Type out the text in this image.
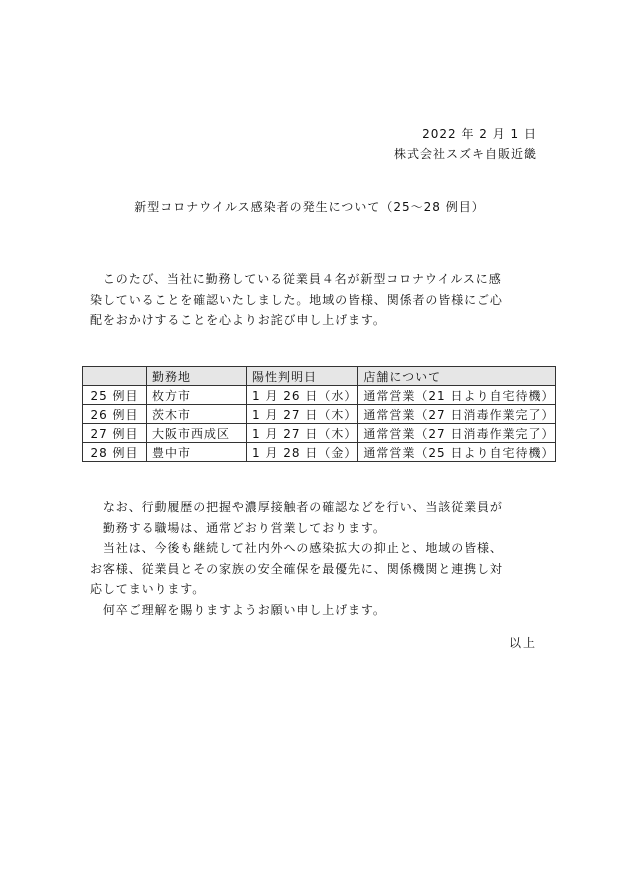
2022 年 2 月 1 日
株式会社スズキ自販近畿
新型コロナウイルス感染者の発生について（25～28 例目）
　このたび、当社に勤務している従業員４名が新型コロナウイルスに感
染していることを確認いたしました。地域の皆様、関係者の皆様にご心
配をおかけすることを心よりお詫び申し上げます。
	勤務地	陽性判明日	店舗について
25 例目	枚方市	1 月 26 日（水）	通常営業（21 日より自宅待機）
26 例目	茨木市	1 月 27 日（木）	通常営業（27 日消毒作業完了）
27 例目	大阪市西成区	1 月 27 日（木）	通常営業（27 日消毒作業完了）
28 例目	豊中市	1 月 28 日（金）	通常営業（25 日より自宅待機）
　なお、行動履歴の把握や濃厚接触者の確認などを行い、当該従業員が
　勤務する職場は、通常どおり営業しております。
　当社は、今後も継続して社内外への感染拡大の抑止と、地域の皆様、
お客様、従業員とその家族の安全確保を最優先に、関係機関と連携し対
応してまいります。
　何卒ご理解を賜りますようお願い申し上げます。
以上
